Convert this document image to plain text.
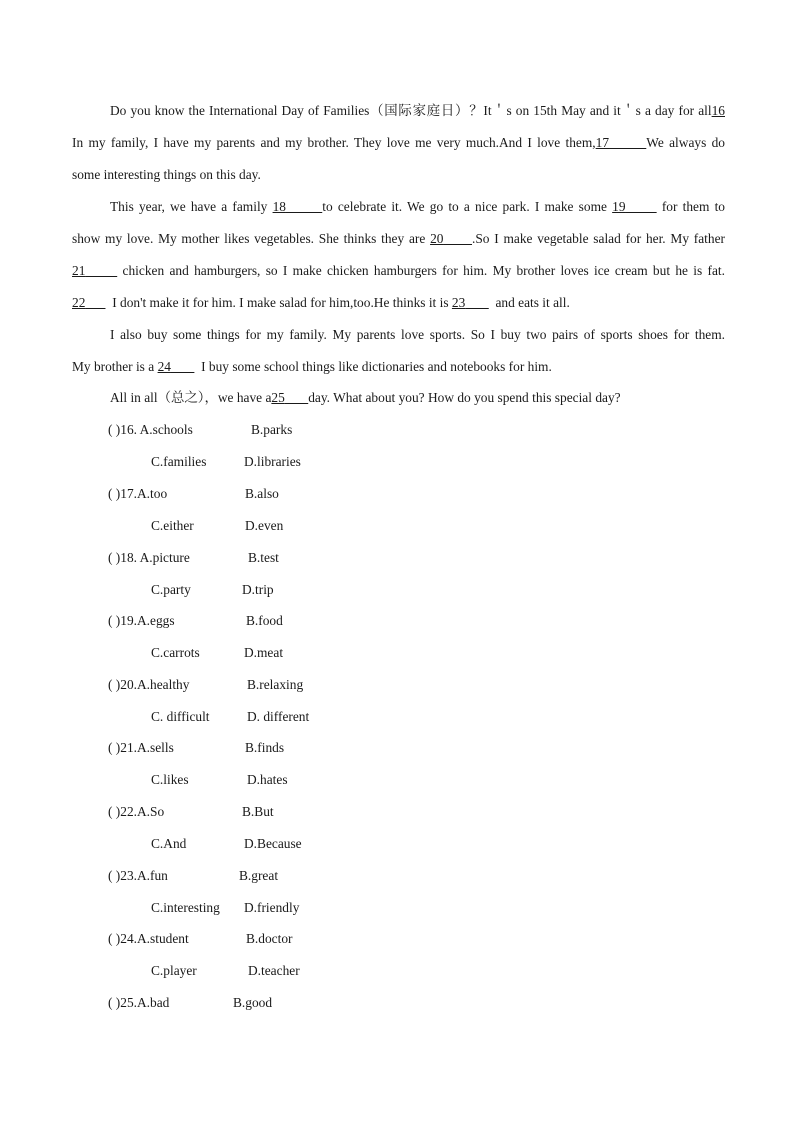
Do you know the International Day of Families（国际家庭日）？It＇s on 15th May and it＇s a day for all16
In my family, I have my parents and my brother. They love me very much.And I love them,17	We always do
some interesting things on this day.
This year, we have a family 18	to celebrate it. We go to a nice park. I make some 19	for them to
show my love. My mother likes vegetables. She thinks they are 20 .So I make vegetable salad for her. My father
21	chicken and hamburgers, so I make chicken hamburgers for him. My brother loves ice cream but he is fat.
22 I don't make it for him. I make salad for him,too.He thinks it is 23 and eats it all.
I also buy some things for my family. My parents love sports. So I buy two pairs of sports shoes for them.
My brother is a 24 I buy some school things like dictionaries and notebooks for him.
All in all（总之），we have a25 day. What about you? How do you spend this special day?
( )16. A.schools	B.parks
C.families	D.libraries
( )17.A.too	B.also
C.either	D.even
( )18. A.picture	B.test
C.party	D.trip
( )19.A.eggs	B.food
C.carrots	D.meat
( )20.A.healthy	B.relaxing
C. difficult	D. different
( )21.A.sells	B.finds
C.likes	D.hates
( )22.A.So	B.But
C.And	D.Because
( )23.A.fun	B.great
C.interesting D.friendly
( )24.A.student	B.doctor
C.player	D.teacher
( )25.A.bad	B.good
